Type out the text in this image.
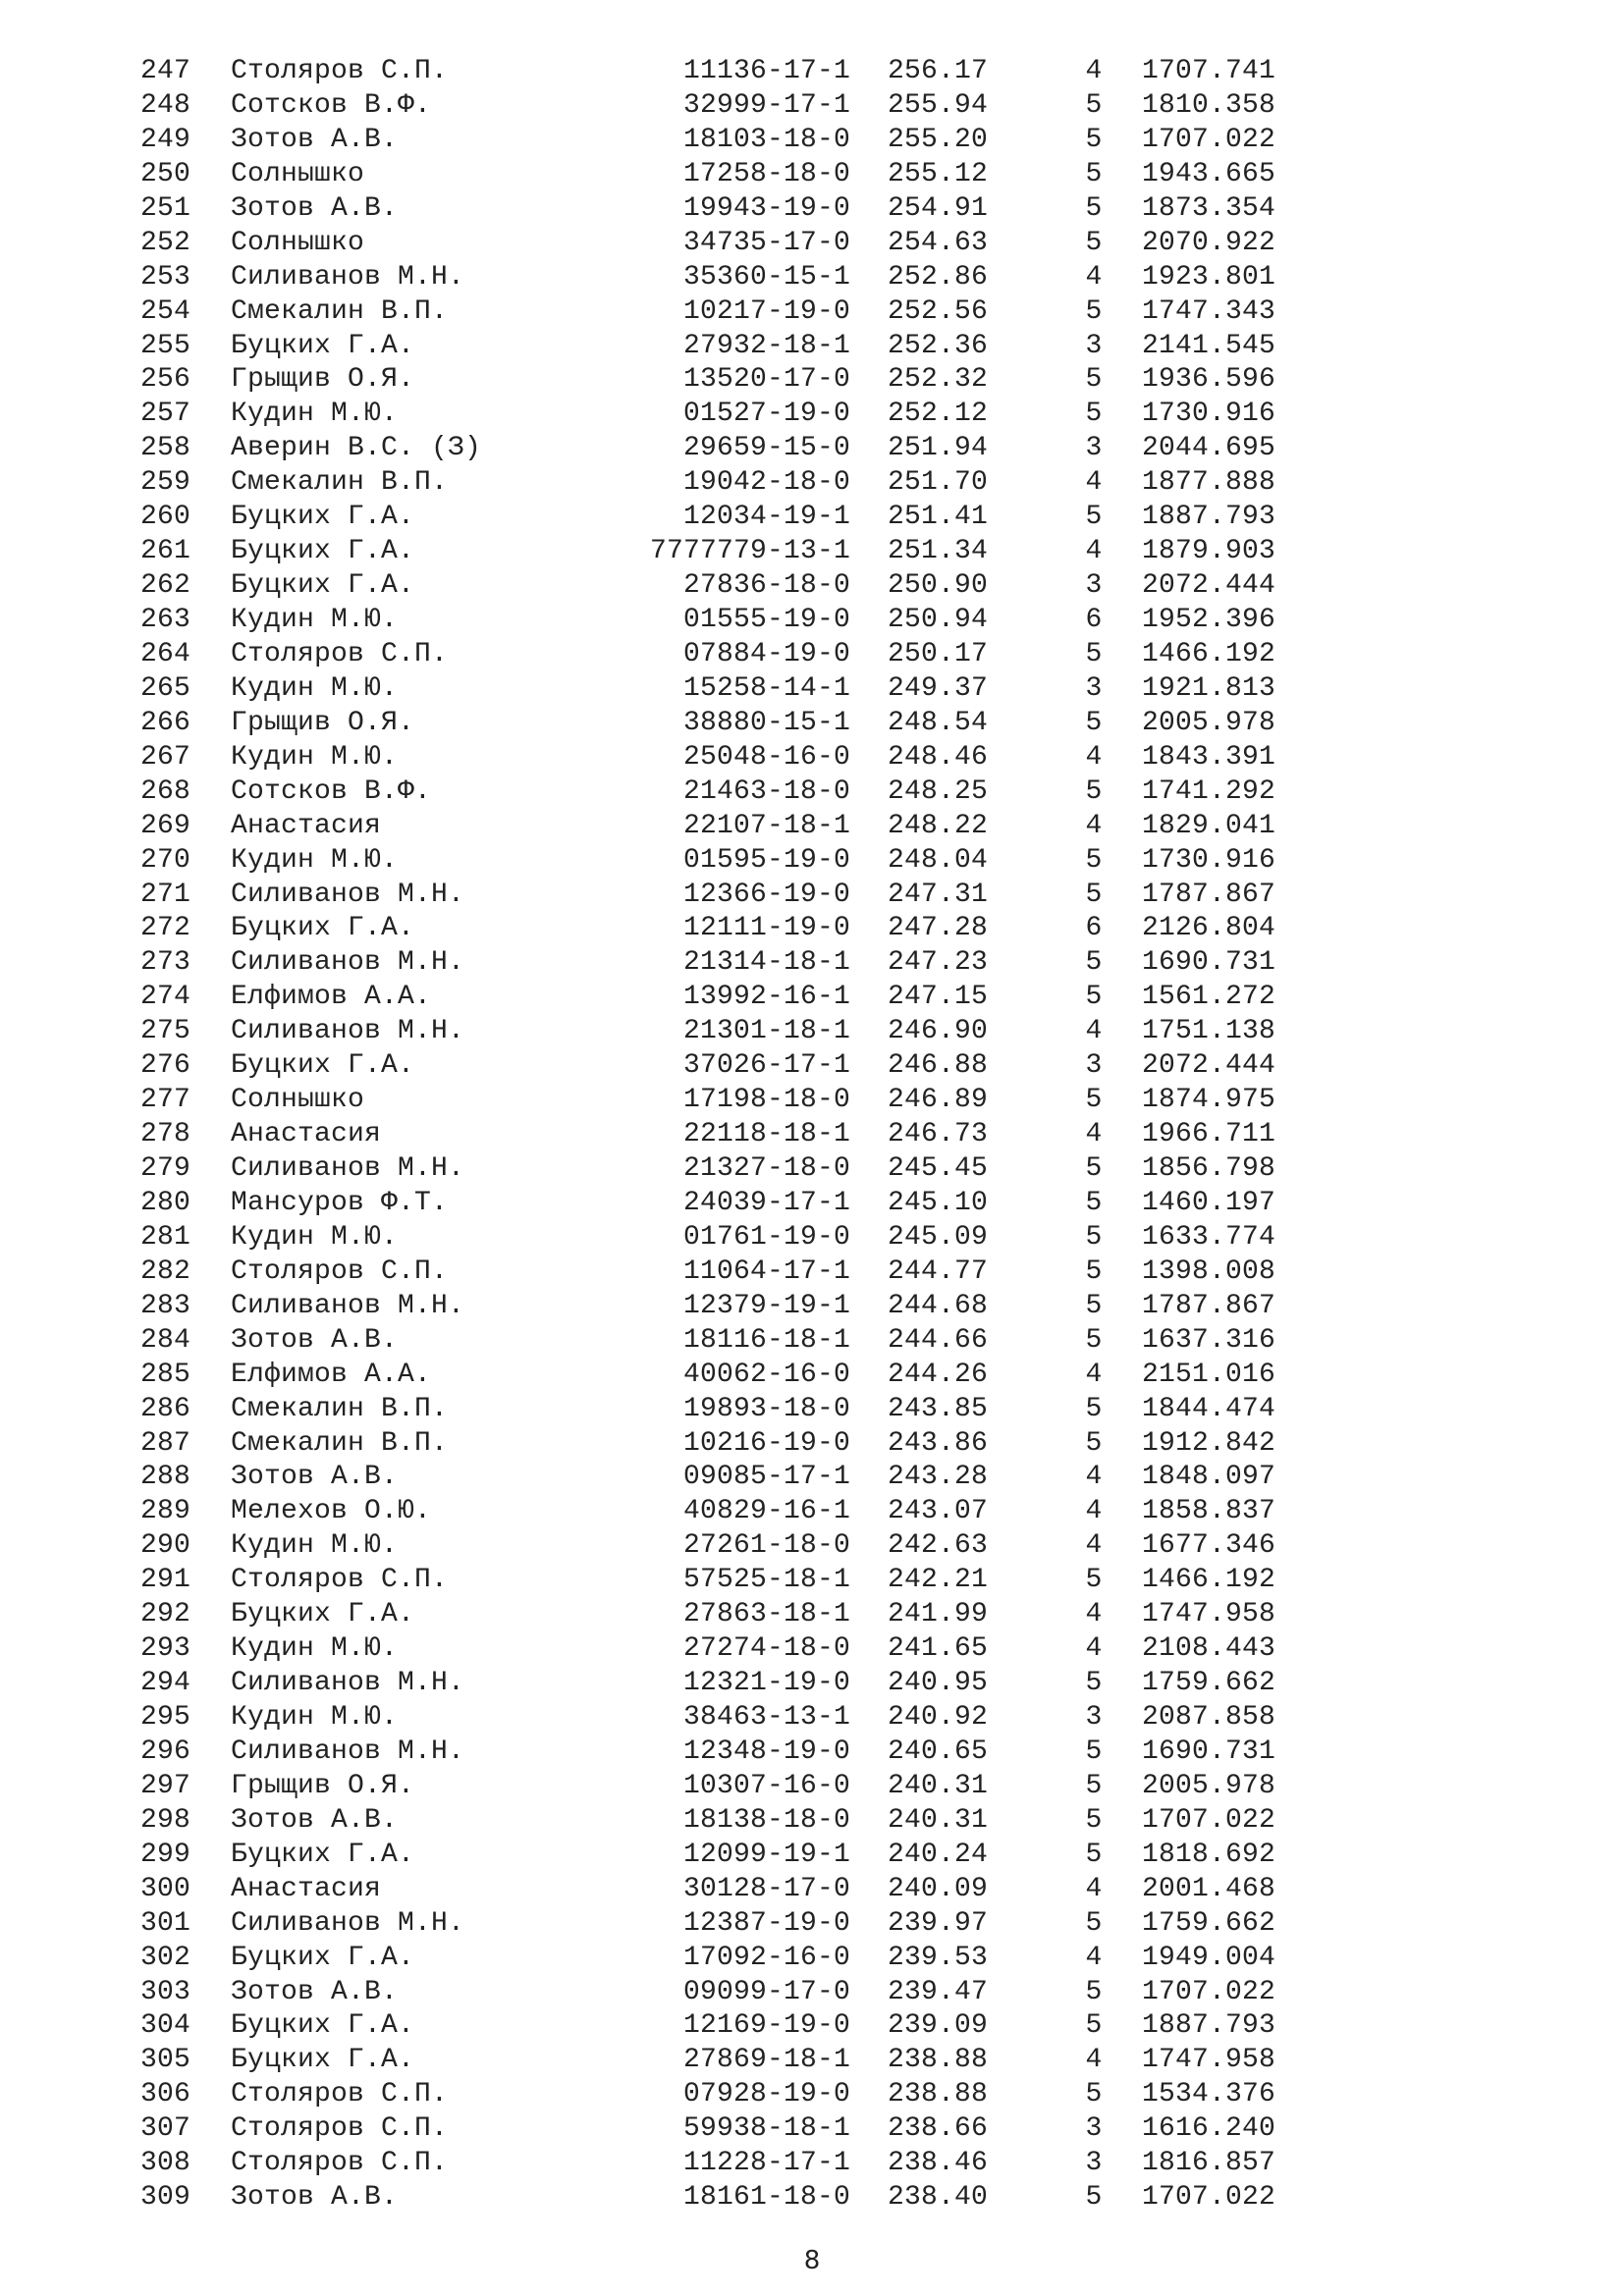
247 Столяров С.П.	11136-17-1 256.17	4 1707.741
248 Сотсков В.Ф.	32999-17-1 255.94	5 1810.358
249 Зотов А.В.	18103-18-0 255.20	5 1707.022
250 Солнышко	17258-18-0 255.12	5 1943.665
251 Зотов А.В.	19943-19-0 254.91	5 1873.354
252 Солнышко	34735-17-0 254.63	5 2070.922
253 Силиванов М.Н.	35360-15-1 252.86	4 1923.801
254 Смекалин В.П.	10217-19-0 252.56	5 1747.343
255 Буцких Г.А.	27932-18-1 252.36	3 2141.545
256 Грыщив О.Я.	13520-17-0 252.32	5 1936.596
257 Кудин М.Ю.	01527-19-0 252.12	5 1730.916
258 Аверин В.С. (З)	29659-15-0 251.94	3 2044.695
259 Смекалин В.П.	19042-18-0 251.70	4 1877.888
260 Буцких Г.А.	12034-19-1 251.41	5 1887.793
261 Буцких Г.А.	7777779-13-1 251.34	4 1879.903
262 Буцких Г.А.	27836-18-0 250.90	3 2072.444
263 Кудин М.Ю.	01555-19-0 250.94	6 1952.396
264 Столяров С.П.	07884-19-0 250.17	5 1466.192
265 Кудин М.Ю.	15258-14-1 249.37	3 1921.813
266 Грыщив О.Я.	38880-15-1 248.54	5 2005.978
267 Кудин М.Ю.	25048-16-0 248.46	4 1843.391
268 Сотсков В.Ф.	21463-18-0 248.25	5 1741.292
269 Анастасия	22107-18-1 248.22	4 1829.041
270 Кудин М.Ю.	01595-19-0 248.04	5 1730.916
271 Силиванов М.Н.	12366-19-0 247.31	5 1787.867
272 Буцких Г.А.	12111-19-0 247.28	6 2126.804
273 Силиванов М.Н.	21314-18-1 247.23	5 1690.731
274 Елфимов А.А.	13992-16-1 247.15	5 1561.272
275 Силиванов М.Н.	21301-18-1 246.90	4 1751.138
276 Буцких Г.А.	37026-17-1 246.88	3 2072.444
277 Солнышко	17198-18-0 246.89	5 1874.975
278 Анастасия	22118-18-1 246.73	4 1966.711
279 Силиванов М.Н.	21327-18-0 245.45	5 1856.798
280 Мансуров Ф.Т.	24039-17-1 245.10	5 1460.197
281 Кудин М.Ю.	01761-19-0 245.09	5 1633.774
282 Столяров С.П.	11064-17-1 244.77	5 1398.008
283 Силиванов М.Н.	12379-19-1 244.68	5 1787.867
284 Зотов А.В.	18116-18-1 244.66	5 1637.316
285 Елфимов А.А.	40062-16-0 244.26	4 2151.016
286 Смекалин В.П.	19893-18-0 243.85	5 1844.474
287 Смекалин В.П.	10216-19-0 243.86	5 1912.842
288 Зотов А.В.	09085-17-1 243.28	4 1848.097
289 Мелехов О.Ю.	40829-16-1 243.07	4 1858.837
290 Кудин М.Ю.	27261-18-0 242.63	4 1677.346
291 Столяров С.П.	57525-18-1 242.21	5 1466.192
292 Буцких Г.А.	27863-18-1 241.99	4 1747.958
293 Кудин М.Ю.	27274-18-0 241.65	4 2108.443
294 Силиванов М.Н.	12321-19-0 240.95	5 1759.662
295 Кудин М.Ю.	38463-13-1 240.92	3 2087.858
296 Силиванов М.Н.	12348-19-0 240.65	5 1690.731
297 Грыщив О.Я.	10307-16-0 240.31	5 2005.978
298 Зотов А.В.	18138-18-0 240.31	5 1707.022
299 Буцких Г.А.	12099-19-1 240.24	5 1818.692
300 Анастасия	30128-17-0 240.09	4 2001.468
301 Силиванов М.Н.	12387-19-0 239.97	5 1759.662
302 Буцких Г.А.	17092-16-0 239.53	4 1949.004
303 Зотов А.В.	09099-17-0 239.47	5 1707.022
304 Буцких Г.А.	12169-19-0 239.09	5 1887.793
305 Буцких Г.А.	27869-18-1 238.88	4 1747.958
306 Столяров С.П.	07928-19-0 238.88	5 1534.376
307 Столяров С.П.	59938-18-1 238.66	3 1616.240
308 Столяров С.П.	11228-17-1 238.46	3 1816.857
309 Зотов А.В.	18161-18-0 238.40	5 1707.022
8
